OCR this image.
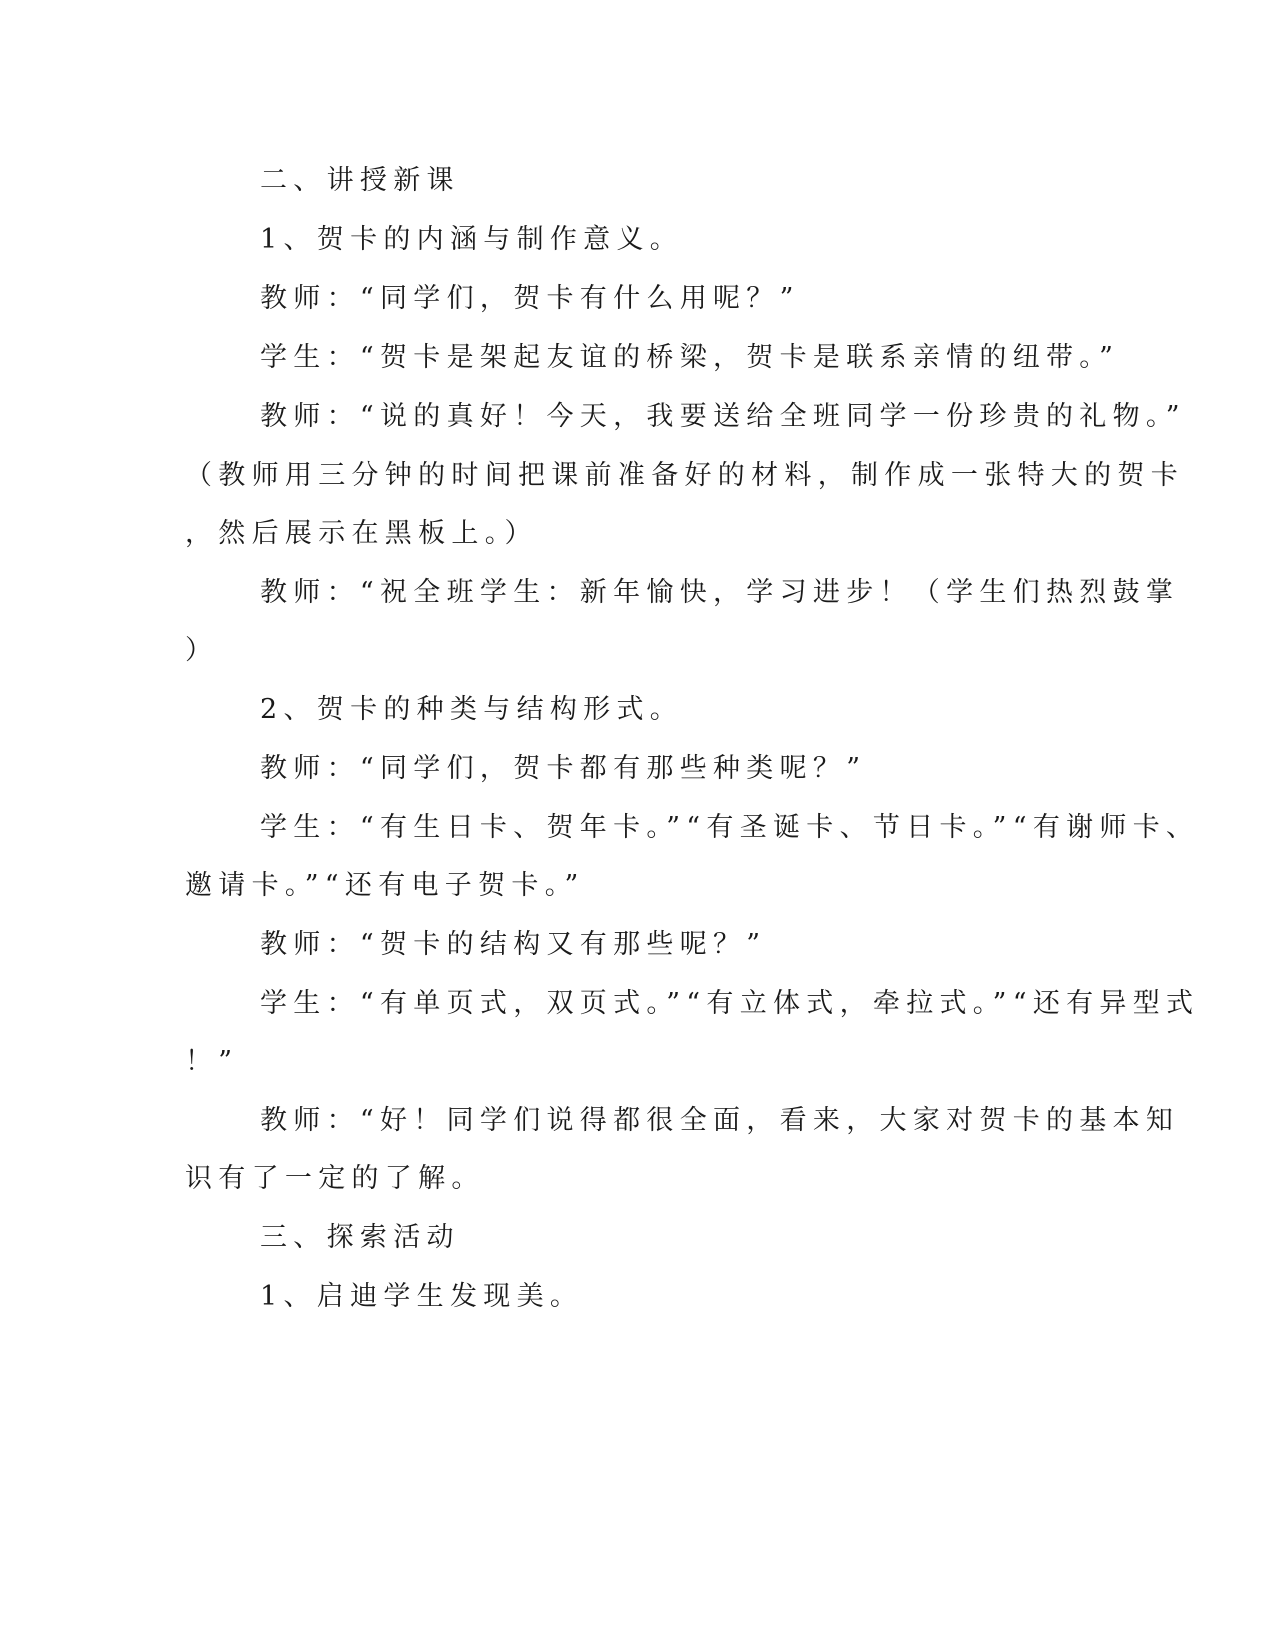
二、讲授新课

1、贺卡的内涵与制作意义。

教师：“同学们，贺卡有什么用呢？”

学生：“贺卡是架起友谊的桥梁，贺卡是联系亲情的纽带。”

教师：“说的真好！今天，我要送给全班同学一份珍贵的礼物。”

（教师用三分钟的时间把课前准备好的材料，制作成一张特大的贺卡

，然后展示在黑板上。）

教师：“祝全班学生：新年愉快，学习进步！（学生们热烈鼓掌

）

2、贺卡的种类与结构形式。

教师：“同学们，贺卡都有那些种类呢？”

学生：“有生日卡、贺年卡。”“有圣诞卡、节日卡。”“有谢师卡、

邀请卡。”“还有电子贺卡。”

教师：“贺卡的结构又有那些呢？”

学生：“有单页式，双页式。”“有立体式，牵拉式。”“还有异型式

！”

教师：“好！同学们说得都很全面，看来，大家对贺卡的基本知

识有了一定的了解。

三、探索活动

1、启迪学生发现美。
